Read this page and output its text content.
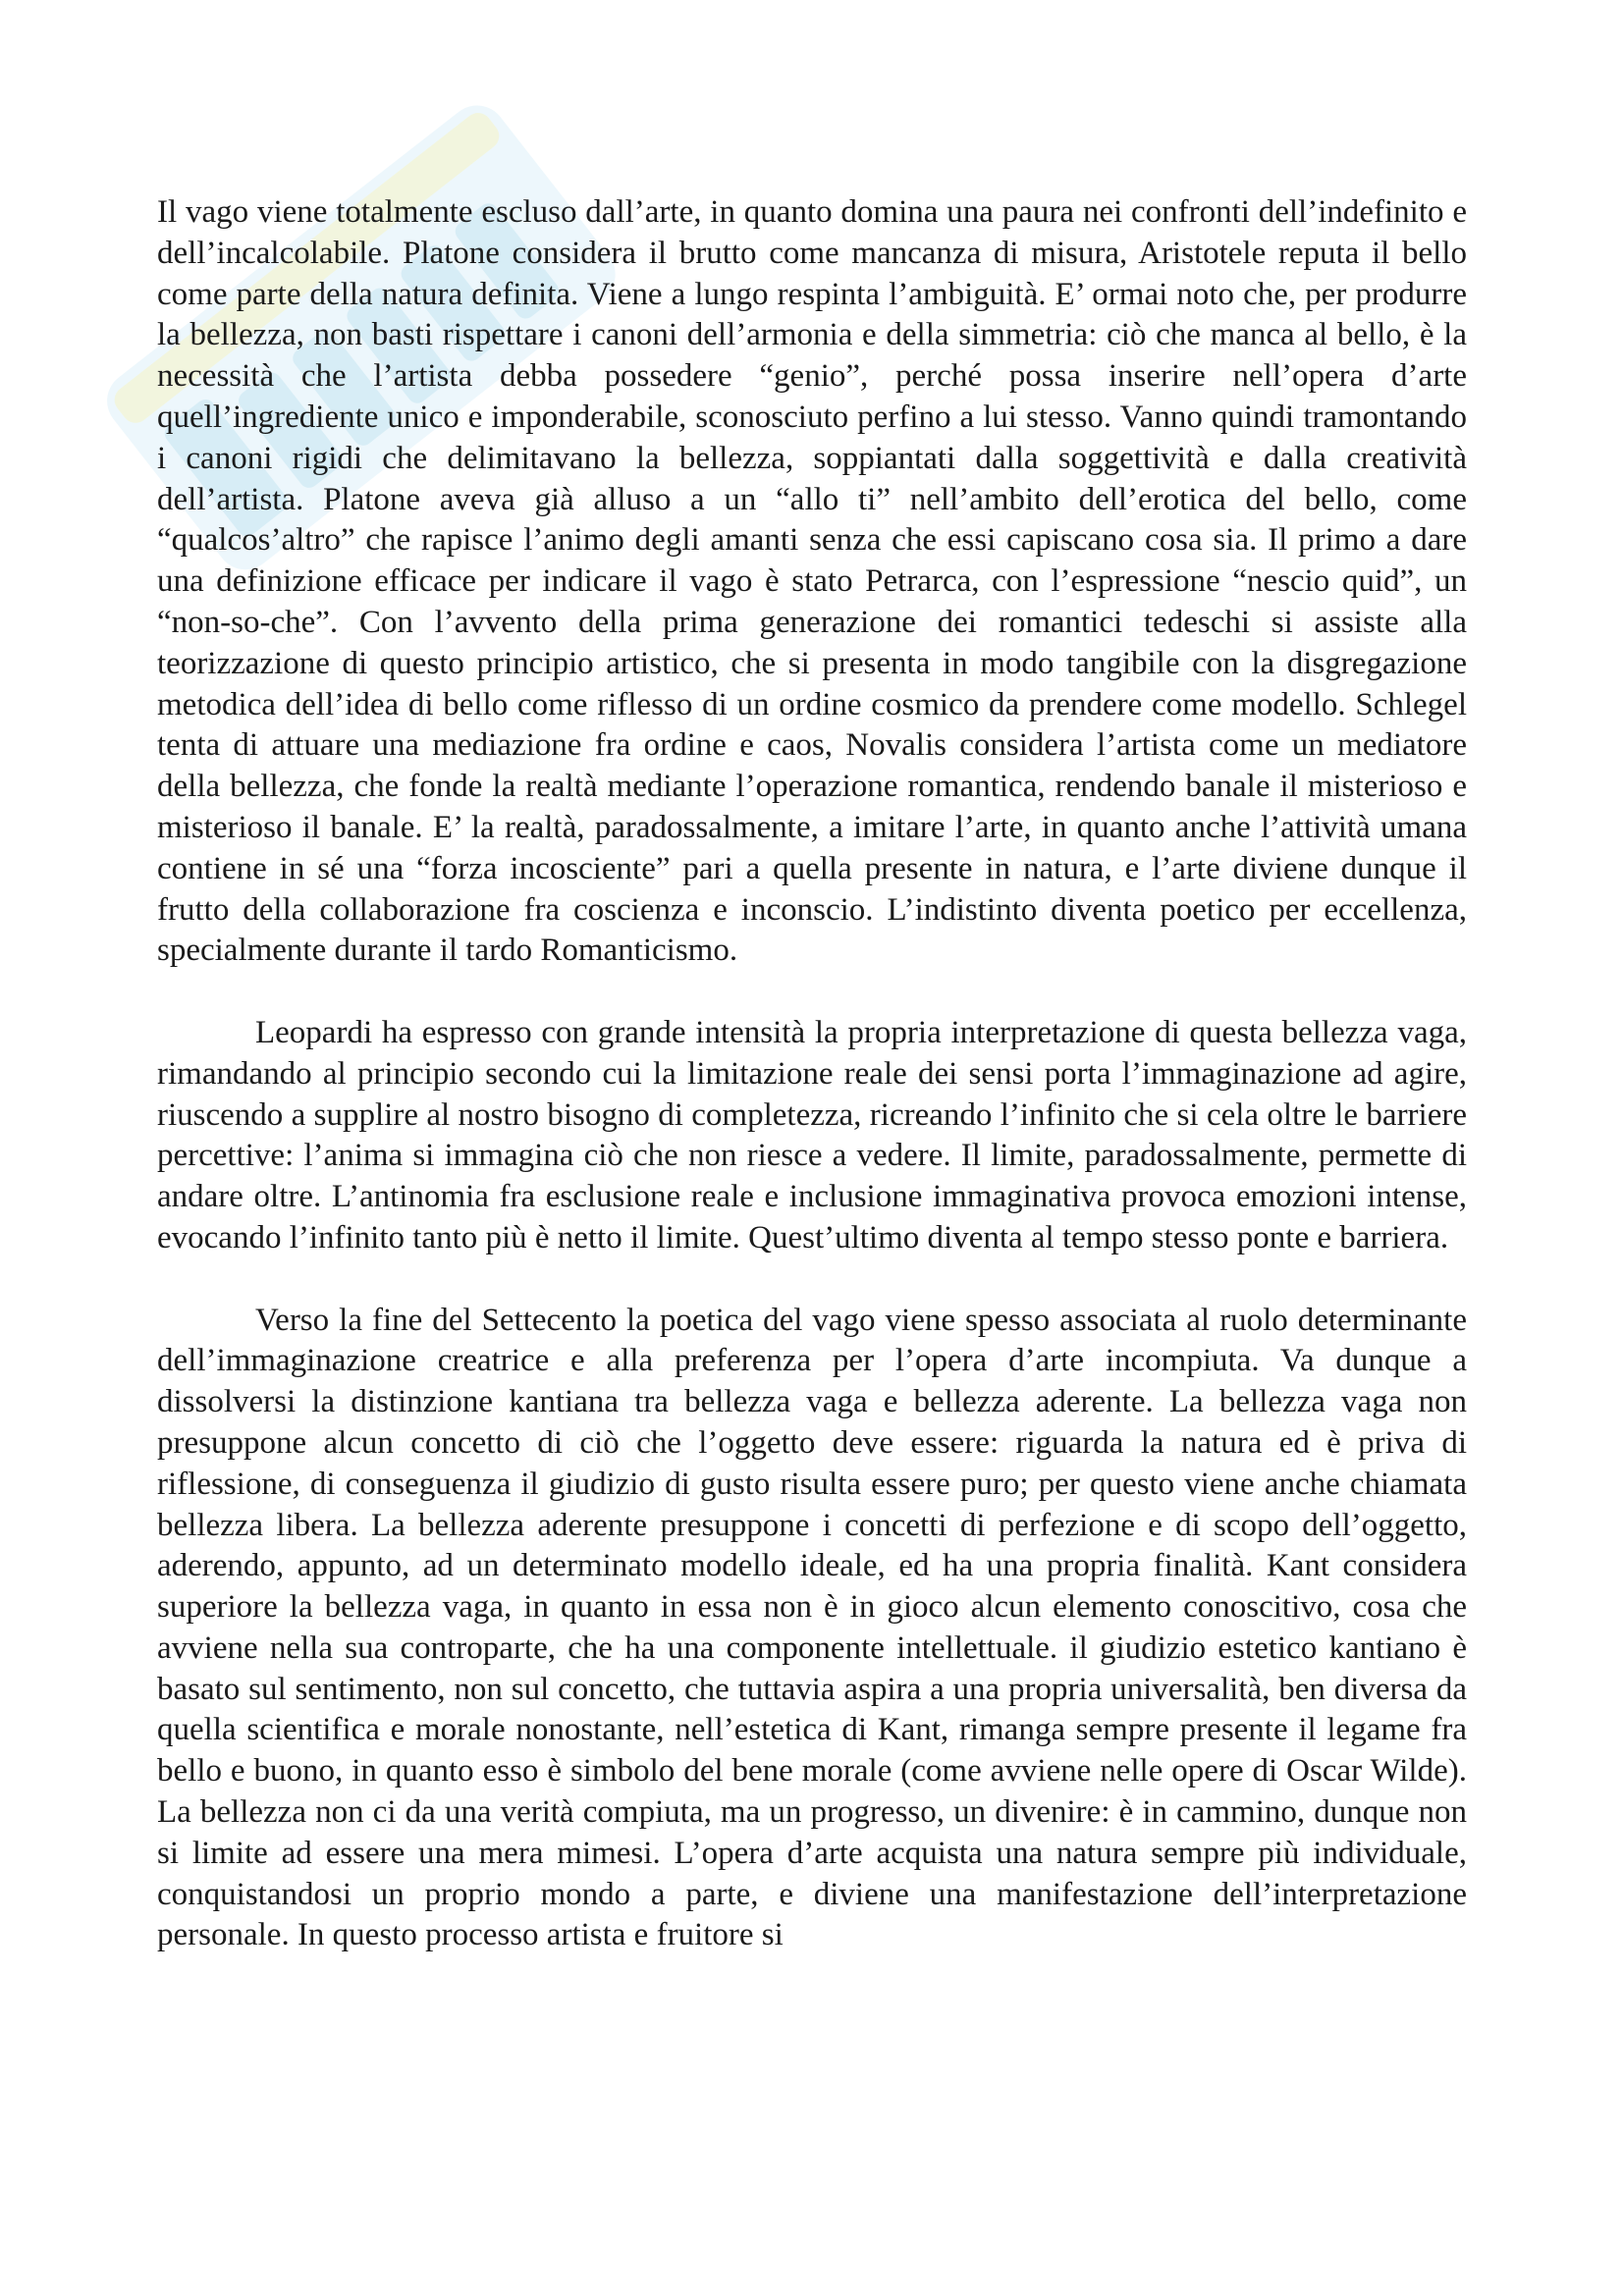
Il vago viene totalmente escluso dall’arte, in quanto domina una paura nei confronti dell’indefinito e dell’incalcolabile. Platone considera il brutto come mancanza di misura, Aristotele reputa il bello come parte della natura definita. Viene a lungo respinta l’ambiguità. E’ ormai noto che, per produrre la bellezza, non basti rispettare i canoni dell’armonia e della simmetria: ciò che manca al bello, è la necessità che l’artista debba possedere “genio”, perché possa inserire nell’opera d’arte quell’ingrediente unico e imponderabile, sconosciuto perfino a lui stesso. Vanno quindi tramontando i canoni rigidi che delimitavano la bellezza, soppiantati dalla soggettività e dalla creatività dell’artista. Platone aveva già alluso a un “allo ti” nell’ambito dell’erotica del bello, come “qualcos’altro” che rapisce l’animo degli amanti senza che essi capiscano cosa sia. Il primo a dare una definizione efficace per indicare il vago è stato Petrarca, con l’espressione “nescio quid”, un “non-so-che”. Con l’avvento della prima generazione dei romantici tedeschi si assiste alla teorizzazione di questo principio artistico, che si presenta in modo tangibile con la disgregazione metodica dell’idea di bello come riflesso di un ordine cosmico da prendere come modello. Schlegel tenta di attuare una mediazione fra ordine e caos, Novalis considera l’artista come un mediatore della bellezza, che fonde la realtà mediante l’operazione romantica, rendendo banale il misterioso e misterioso il banale. E’ la realtà, paradossalmente, a imitare l’arte, in quanto anche l’attività umana contiene in sé una “forza incosciente” pari a quella presente in natura, e l’arte diviene dunque il frutto della collaborazione fra coscienza e inconscio. L’indistinto diventa poetico per eccellenza, specialmente durante il tardo Romanticismo.

Leopardi ha espresso con grande intensità la propria interpretazione di questa bellezza vaga, rimandando al principio secondo cui la limitazione reale dei sensi porta l’immaginazione ad agire, riuscendo a supplire al nostro bisogno di completezza, ricreando l’infinito che si cela oltre le barriere percettive: l’anima si immagina ciò che non riesce a vedere. Il limite, paradossalmente, permette di andare oltre. L’antinomia fra esclusione reale e inclusione immaginativa provoca emozioni intense, evocando l’infinito tanto più è netto il limite. Quest’ultimo diventa al tempo stesso ponte e barriera.

Verso la fine del Settecento la poetica del vago viene spesso associata al ruolo determinante dell’immaginazione creatrice e alla preferenza per l’opera d’arte incompiuta. Va dunque a dissolversi la distinzione kantiana tra bellezza vaga e bellezza aderente. La bellezza vaga non presuppone alcun concetto di ciò che l’oggetto deve essere: riguarda la natura ed è priva di riflessione, di conseguenza il giudizio di gusto risulta essere puro; per questo viene anche chiamata bellezza libera. La bellezza aderente presuppone i concetti di perfezione e di scopo dell’oggetto, aderendo, appunto, ad un determinato modello ideale, ed ha una propria finalità. Kant considera superiore la bellezza vaga, in quanto in essa non è in gioco alcun elemento conoscitivo, cosa che avviene nella sua controparte, che ha una componente intellettuale. il giudizio estetico kantiano è basato sul sentimento, non sul concetto, che tuttavia aspira a una propria universalità, ben diversa da quella scientifica e morale nonostante, nell’estetica di Kant, rimanga sempre presente il legame fra bello e buono, in quanto esso è simbolo del bene morale (come avviene nelle opere di Oscar Wilde). La bellezza non ci da una verità compiuta, ma un progresso, un divenire: è in cammino, dunque non si limite ad essere una mera mimesi. L’opera d’arte acquista una natura sempre più individuale, conquistandosi un proprio mondo a parte, e diviene una manifestazione dell’interpretazione personale. In questo processo artista e fruitore si
